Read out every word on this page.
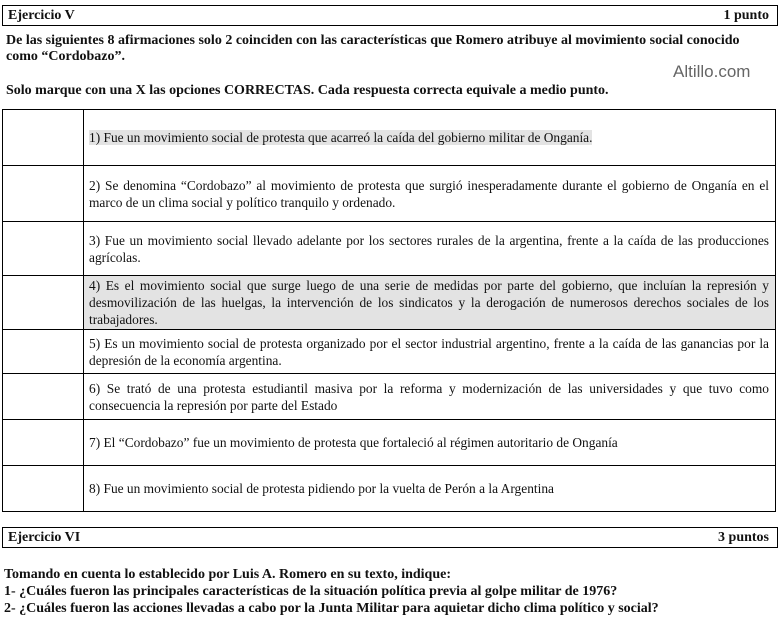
Ejercicio V	1 punto
De las siguientes 8 afirmaciones solo 2 coinciden con las características que Romero atribuye al movimiento social conocido como “Cordobazo”.
Altillo.com
Solo marque con una X las opciones CORRECTAS. Cada respuesta correcta equivale a medio punto.
	1) Fue un movimiento social de protesta que acarreó la caída del gobierno militar de Onganía.
	2) Se denomina “Cordobazo” al movimiento de protesta que surgió inesperadamente durante el gobierno de Onganía en el marco de un clima social y político tranquilo y ordenado.
	3) Fue un movimiento social llevado adelante por los sectores rurales de la argentina, frente a la caída de las producciones agrícolas.
	4) Es el movimiento social que surge luego de una serie de medidas por parte del gobierno, que incluían la represión y desmovilización de las huelgas, la intervención de los sindicatos y la derogación de numerosos derechos sociales de los trabajadores.
	5) Es un movimiento social de protesta organizado por el sector industrial argentino, frente a la caída de las ganancias por la depresión de la economía argentina.
	6) Se trató de una protesta estudiantil masiva por la reforma y modernización de las universidades y que tuvo como consecuencia la represión por parte del Estado
	7) El “Cordobazo” fue un movimiento de protesta que fortaleció al régimen autoritario de Onganía
	8) Fue un movimiento social de protesta pidiendo por la vuelta de Perón a la Argentina
Ejercicio VI	3 puntos
Tomando en cuenta lo establecido por Luis A. Romero en su texto, indique:
1- ¿Cuáles fueron las principales características de la situación política previa al golpe militar de 1976?
2- ¿Cuáles fueron las acciones llevadas a cabo por la Junta Militar para aquietar dicho clima político y social?
